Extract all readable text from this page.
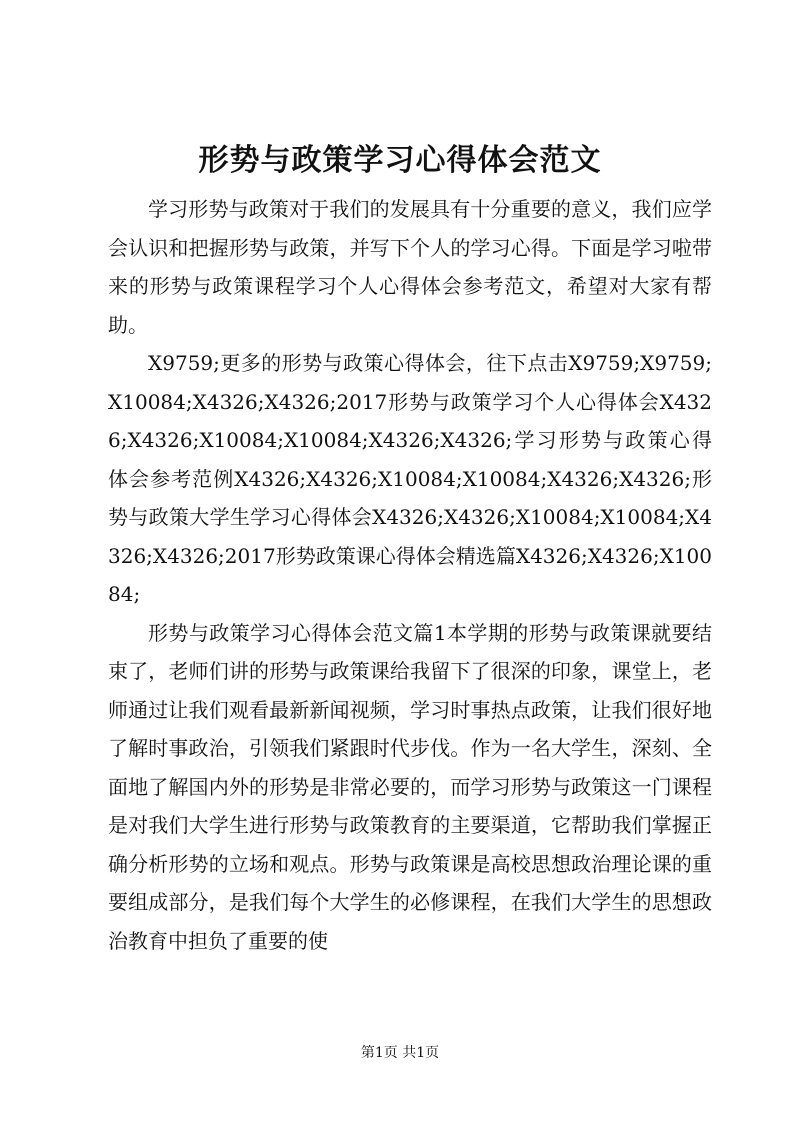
形势与政策学习心得体会范文

学习形势与政策对于我们的发展具有十分重要的意义，我们应学会认识和把握形势与政策，并写下个人的学习心得。下面是学习啦带来的形势与政策课程学习个人心得体会参考范文，希望对大家有帮助。

X9759;更多的形势与政策心得体会，往下点击X9759;X9759;X10084;X4326;X4326;2017形势与政策学习个人心得体会X4326;X4326;X10084;X10084;X4326;X4326;学习形势与政策心得体会参考范例X4326;X4326;X10084;X10084;X4326;X4326;形势与政策大学生学习心得体会X4326;X4326;X10084;X10084;X4326;X4326;2017形势政策课心得体会精选篇X4326;X4326;X10084;

形势与政策学习心得体会范文篇1本学期的形势与政策课就要结束了，老师们讲的形势与政策课给我留下了很深的印象，课堂上，老师通过让我们观看最新新闻视频，学习时事热点政策，让我们很好地了解时事政治，引领我们紧跟时代步伐。作为一名大学生，深刻、全面地了解国内外的形势是非常必要的，而学习形势与政策这一门课程是对我们大学生进行形势与政策教育的主要渠道，它帮助我们掌握正确分析形势的立场和观点。形势与政策课是高校思想政治理论课的重要组成部分，是我们每个大学生的必修课程，在我们大学生的思想政治教育中担负了重要的使

第1页 共1页
